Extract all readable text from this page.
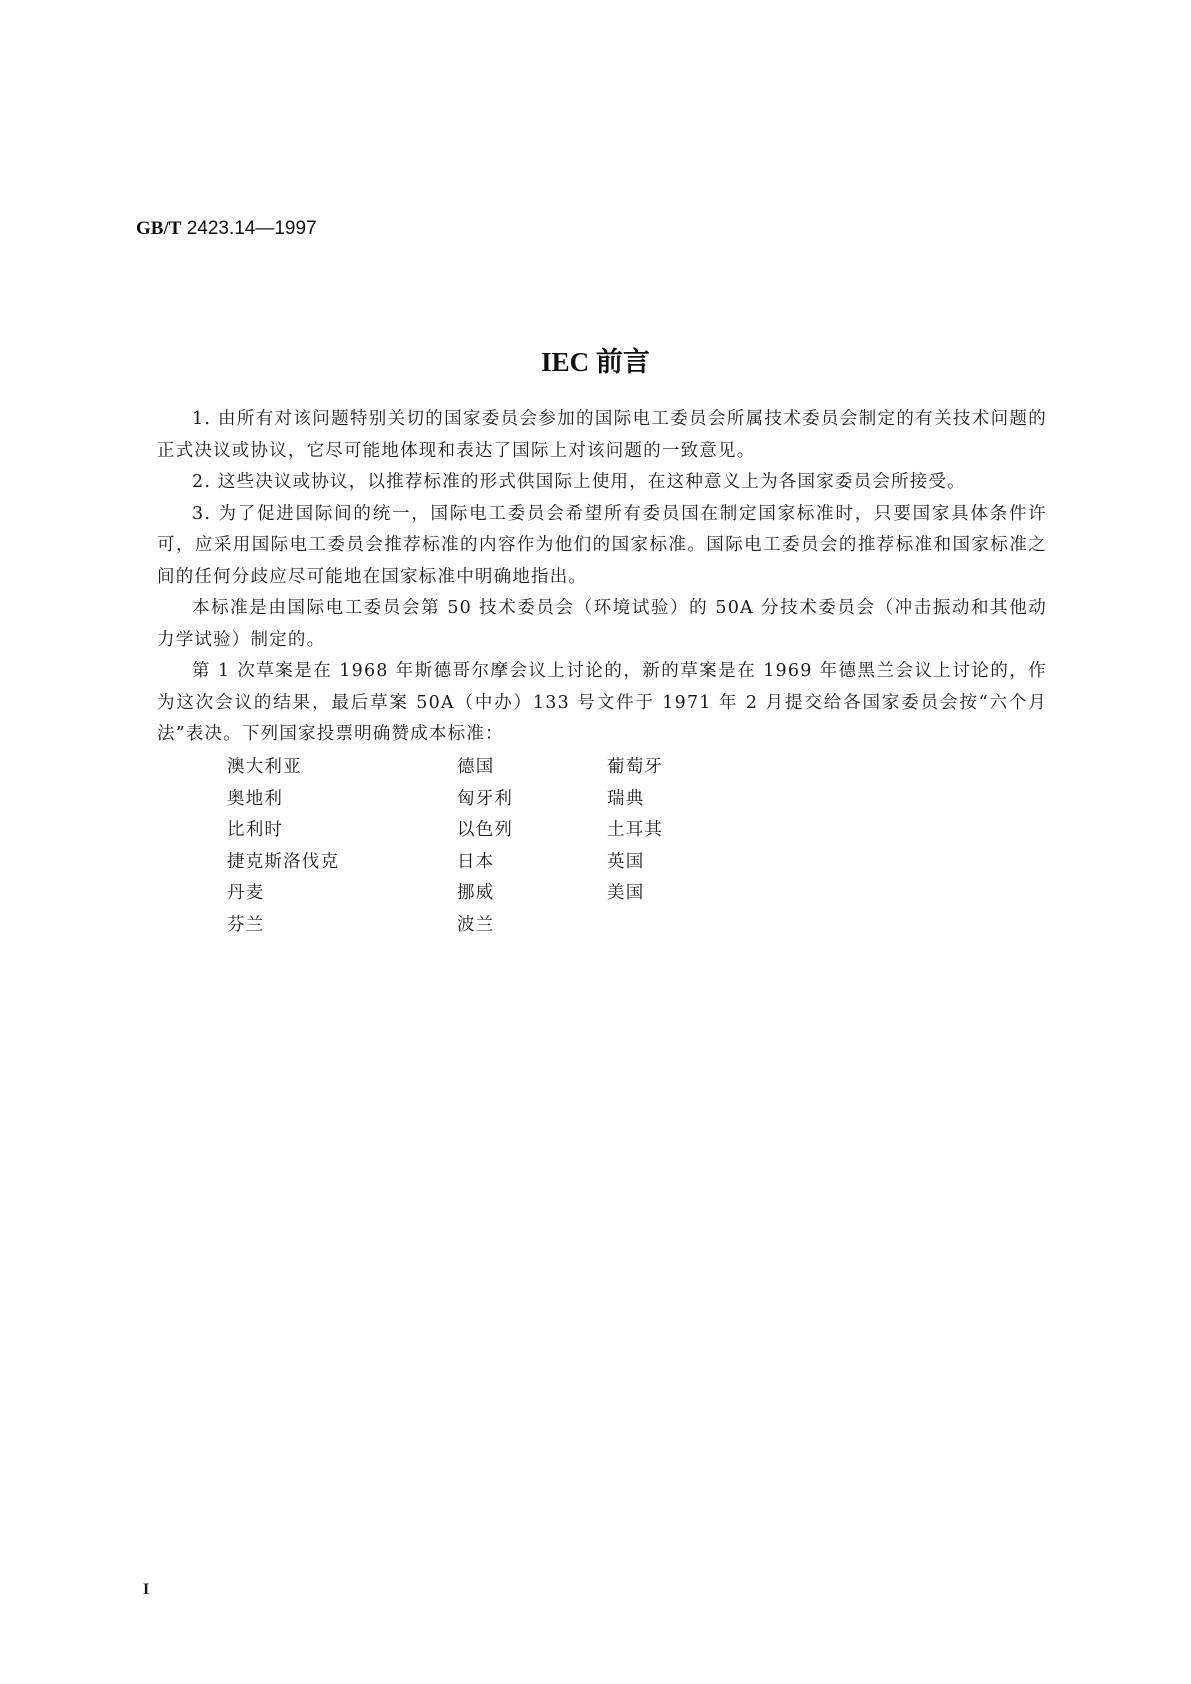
GB/T 2423.14—1997
IEC 前言

1. 由所有对该问题特别关切的国家委员会参加的国际电工委员会所属技术委员会制定的有关技术问题的正式决议或协议，它尽可能地体现和表达了国际上对该问题的一致意见。

2. 这些决议或协议，以推荐标准的形式供国际上使用，在这种意义上为各国家委员会所接受。

3. 为了促进国际间的统一，国际电工委员会希望所有委员国在制定国家标准时，只要国家具体条件许可，应采用国际电工委员会推荐标准的内容作为他们的国家标准。国际电工委员会的推荐标准和国家标准之间的任何分歧应尽可能地在国家标准中明确地指出。

本标准是由国际电工委员会第 50 技术委员会（环境试验）的 50A 分技术委员会（冲击振动和其他动力学试验）制定的。

第 1 次草案是在 1968 年斯德哥尔摩会议上讨论的，新的草案是在 1969 年德黑兰会议上讨论的，作为这次会议的结果，最后草案 50A（中办）133 号文件于 1971 年 2 月提交给各国家委员会按“六个月法”表决。下列国家投票明确赞成本标准：

澳大利亚	德国	葡萄牙
奥地利	匈牙利	瑞典
比利时	以色列	土耳其
捷克斯洛伐克	日本	英国
丹麦	挪威	美国
芬兰	波兰
I
